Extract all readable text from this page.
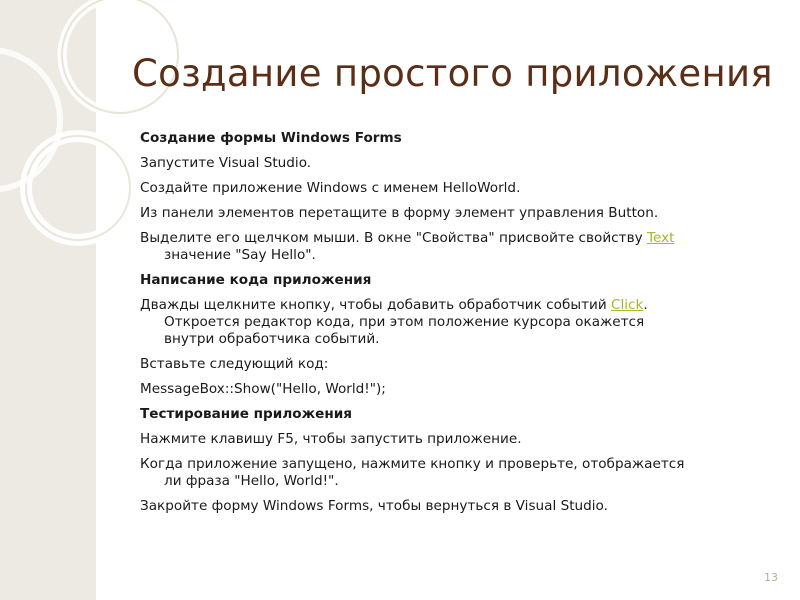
Создание простого приложения
Создание формы Windows Forms
Запустите Visual Studio.
Создайте приложение Windows с именем HelloWorld.
Из панели элементов перетащите в форму элемент управления Button.
Выделите его щелчком мыши. В окне "Свойства" присвойте свойству Text
значение "Say Hello".
Написание кода приложения
Дважды щелкните кнопку, чтобы добавить обработчик событий Click.
Откроется редактор кода, при этом положение курсора окажется
внутри обработчика событий.
Вставьте следующий код:
MessageBox::Show("Hello, World!");
Тестирование приложения
Нажмите клавишу F5, чтобы запустить приложение.
Когда приложение запущено, нажмите кнопку и проверьте, отображается
ли фраза "Hello, World!".
Закройте форму Windows Forms, чтобы вернуться в Visual Studio.
13
